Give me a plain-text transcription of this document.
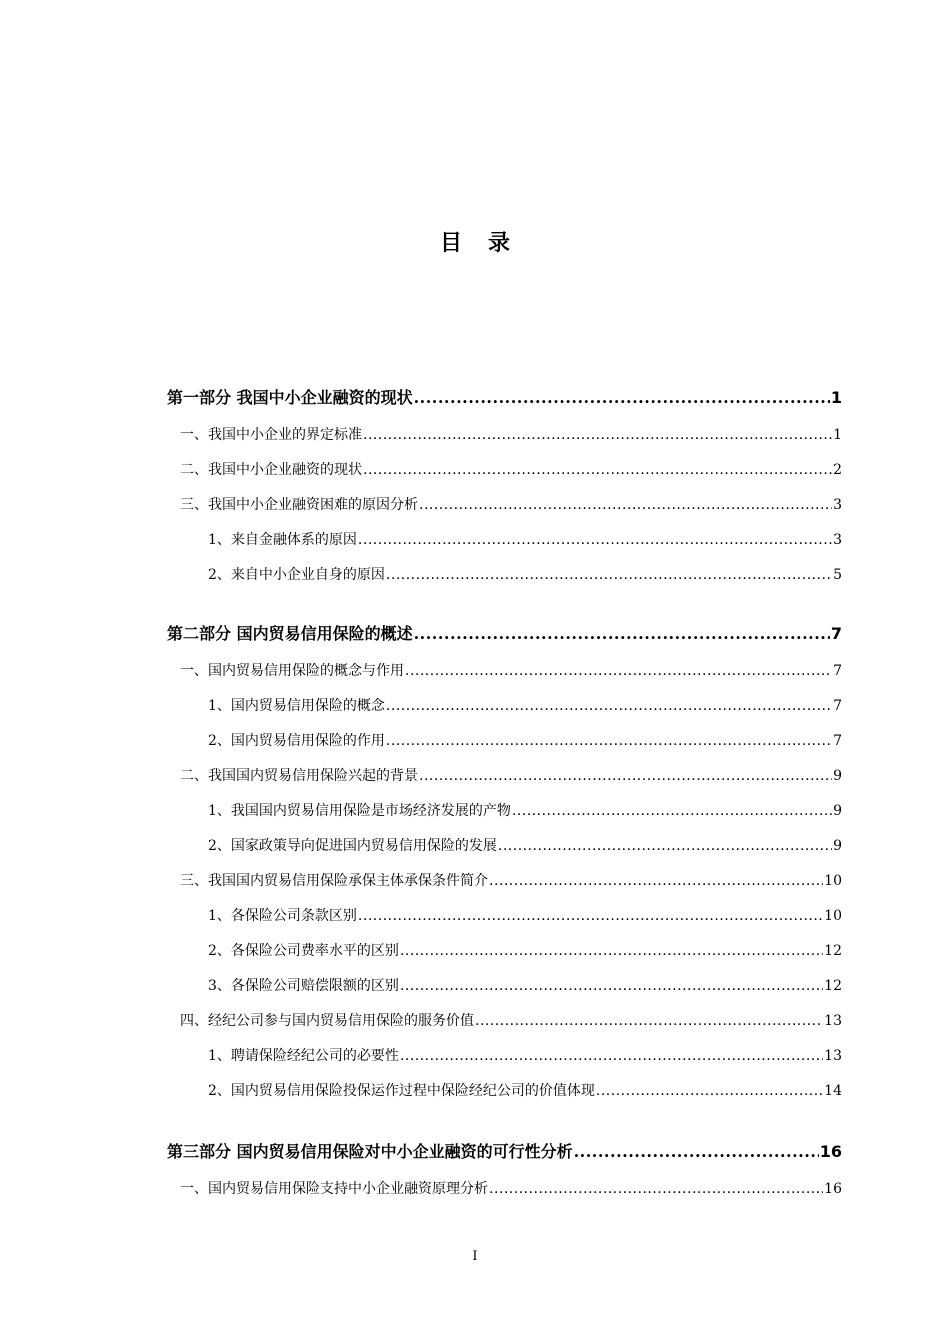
目录
第一部分 我国中小企业融资的现状 .....	1
一、我国中小企业的界定标准 .....	1
二、我国中小企业融资的现状 .....	2
三、我国中小企业融资困难的原因分析 .....	3
1、来自金融体系的原因 .....	3
2、来自中小企业自身的原因 .....	5
第二部分 国内贸易信用保险的概述 .....	7
一、国内贸易信用保险的概念与作用 .....	7
1、国内贸易信用保险的概念 .....	7
2、国内贸易信用保险的作用 .....	7
二、我国国内贸易信用保险兴起的背景 .....	9
1、我国国内贸易信用保险是市场经济发展的产物 .....	9
2、国家政策导向促进国内贸易信用保险的发展 .....	9
三、我国国内贸易信用保险承保主体承保条件简介 .....	10
1、各保险公司条款区别 .....	10
2、各保险公司费率水平的区别 .....	12
3、各保险公司赔偿限额的区别 .....	12
四、经纪公司参与国内贸易信用保险的服务价值 .....	13
1、聘请保险经纪公司的必要性 .....	13
2、国内贸易信用保险投保运作过程中保险经纪公司的价值体现 .....	14
第三部分 国内贸易信用保险对中小企业融资的可行性分析 .....	16
一、国内贸易信用保险支持中小企业融资原理分析 .....	16
I
